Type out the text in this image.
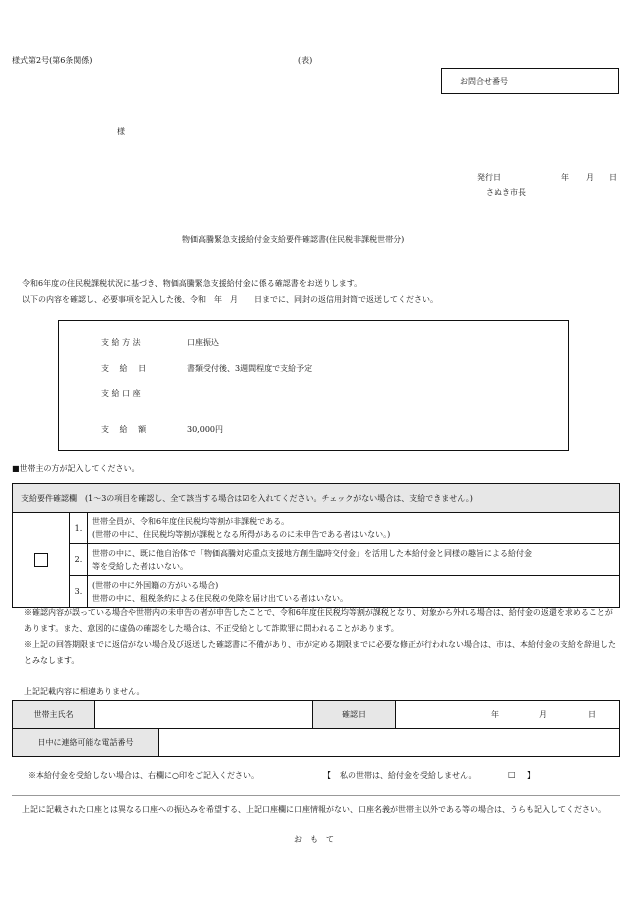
様式第2号(第6条関係)	(表)
お問合せ番号
様
発行日	年 月 日
さぬき市長
物価高騰緊急支援給付金支給要件確認書(住民税非課税世帯分)
令和6年度の住民税課税状況に基づき、物価高騰緊急支援給付金に係る確認書をお送りします。
以下の内容を確認し、必要事項を記入した後、令和　年　月　　日までに、同封の返信用封筒で返送してください。
支 給 方 法	口座振込
支　 給　 日	書類受付後、3週間程度で支給予定
支 給 口 座
支　 給　 額	30,000円
■世帯主の方が記入してください。
支給要件確認欄　(1～3の項目を確認し、全て該当する場合は☑を入れてください。チェックがない場合は、支給できません。)
1.
世帯全員が、令和6年度住民税均等割が非課税である。
(世帯の中に、住民税均等割が課税となる所得があるのに未申告である者はいない。)
2.
世帯の中に、既に他自治体で「物価高騰対応重点支援地方創生臨時交付金」を活用した本給付金と同様の趣旨による給付金
等を受給した者はいない。
3.
(世帯の中に外国籍の方がいる場合)
世帯の中に、租税条約による住民税の免除を届け出ている者はいない。
※確認内容が誤っている場合や世帯内の未申告の者が申告したことで、令和6年度住民税均等割が課税となり、対象から外れる場合は、給付金の返還を求めることがあります。また、意図的に虚偽の確認をした場合は、不正受給として詐欺罪に問われることがあります。
※上記の回答期限までに返信がない場合及び返送した確認書に不備があり、市が定める期限までに必要な修正が行われない場合は、市は、本給付金の支給を辞退したとみなします。
上記記載内容に相違ありません。
世帯主氏名	確認日	年	月	日
日中に連絡可能な電話番号
※本給付金を受給しない場合は、右欄に○印をご記入ください。	【 私の世帯は、給付金を受給しません。	□ 】
上記に記載された口座とは異なる口座への振込みを希望する、上記口座欄に口座情報がない、口座名義が世帯主以外である等の場合は、うらも記入してください。
お　も　て
